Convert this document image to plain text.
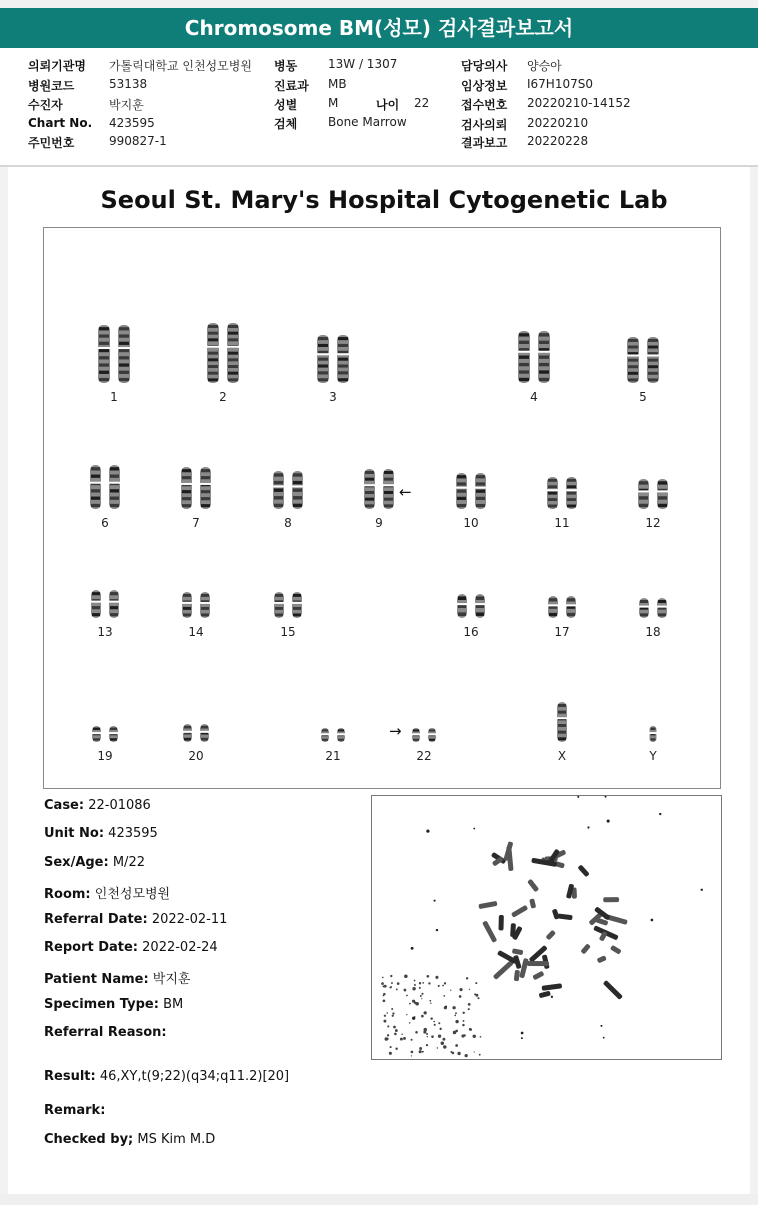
Chromosome BM(성모) 검사결과보고서
의뢰기관명 가톨릭대학교 인천성모병원
병원코드	53138
수진자	박지훈
Chart No. 423595
주민번호	990827-1
병동	13W / 1307
진료과 MB
성별	M	나이 22
검체	Bone Marrow
담당의사 양승아
임상정보 I67H107S0
접수번호 20220210-14152
검사의뢰 20220210
결과보고 20220228
Seoul St. Mary's Hospital Cytogenetic Lab
1	2	3	4	5
6	7	8	9	10	11	12
13	14	15	16	17	18
19	20	21	22	X	Y
←
→
Case: 22-01086
Unit No: 423595
Sex/Age: M/22
Room: 인천성모병원
Referral Date: 2022-02-11
Report Date: 2022-02-24
Patient Name: 박지훈
Specimen Type: BM
Referral Reason:
Result: 46,XY,t(9;22)(q34;q11.2)[20]
Remark:
Checked by; MS Kim M.D
